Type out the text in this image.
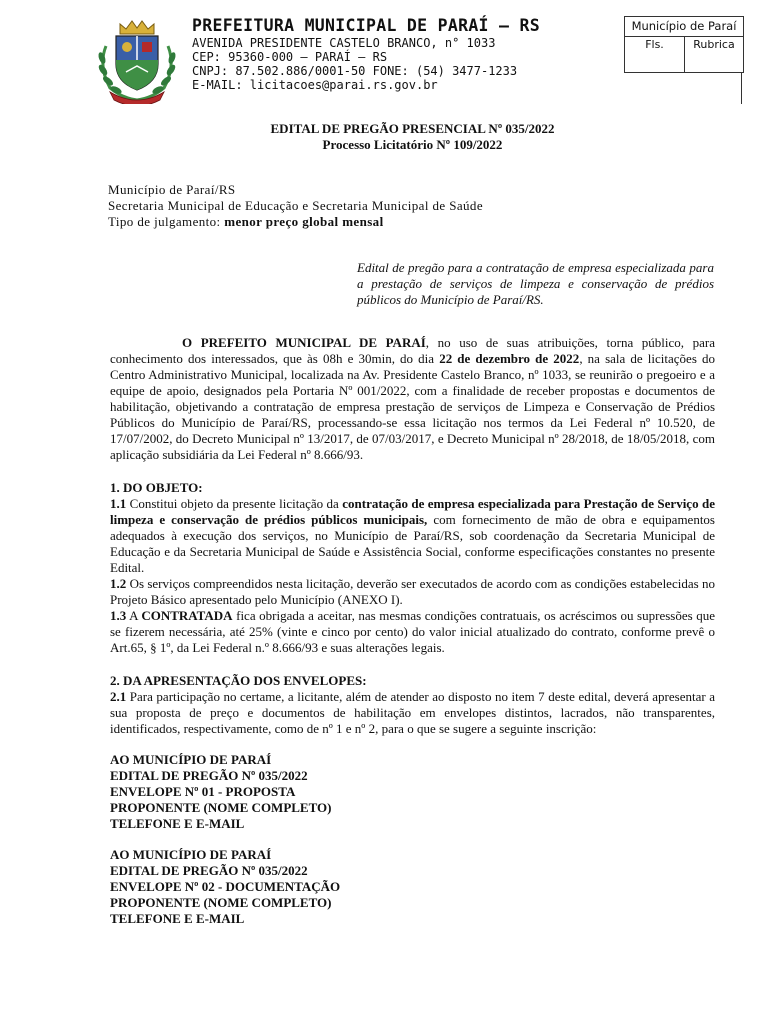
PREFEITURA MUNICIPAL DE PARAÍ – RS
AVENIDA PRESIDENTE CASTELO BRANCO, n° 1033
CEP: 95360-000 – PARAÍ – RS
CNPJ: 87.502.886/0001-50 FONE: (54) 3477-1233
E-MAIL: licitacoes@parai.rs.gov.br
Município de Paraí
Fls.	Rubrica
EDITAL DE PREGÃO PRESENCIAL Nº 035/2022
Processo Licitatório Nº 109/2022
Município de Paraí/RS
Secretaria Municipal de Educação e Secretaria Municipal de Saúde
Tipo de julgamento: menor preço global mensal
Edital de pregão para a contratação de empresa especializada para a prestação de serviços de limpeza e conservação de prédios públicos do Município de Paraí/RS.

O PREFEITO MUNICIPAL DE PARAÍ, no uso de suas atribuições, torna público, para conhecimento dos interessados, que às 08h e 30min, do dia 22 de dezembro de 2022, na sala de licitações do Centro Administrativo Municipal, localizada na Av. Presidente Castelo Branco, nº 1033, se reunirão o pregoeiro e a equipe de apoio, designados pela Portaria Nº 001/2022, com a finalidade de receber propostas e documentos de habilitação, objetivando a contratação de empresa prestação de serviços de Limpeza e Conservação de Prédios Públicos do Município de Paraí/RS, processando-se essa licitação nos termos da Lei Federal nº 10.520, de 17/07/2002, do Decreto Municipal nº 13/2017, de 07/03/2017, e Decreto Municipal nº 28/2018, de 18/05/2018, com aplicação subsidiária da Lei Federal nº 8.666/93.

1. DO OBJETO:

1.1 Constitui objeto da presente licitação da contratação de empresa especializada para Prestação de Serviço de limpeza e conservação de prédios públicos municipais, com fornecimento de mão de obra e equipamentos adequados à execução dos serviços, no Município de Paraí/RS, sob coordenação da Secretaria Municipal de Educação e da Secretaria Municipal de Saúde e Assistência Social, conforme especificações constantes no presente Edital.

1.2 Os serviços compreendidos nesta licitação, deverão ser executados de acordo com as condições estabelecidas no Projeto Básico apresentado pelo Município (ANEXO I).

1.3 A CONTRATADA fica obrigada a aceitar, nas mesmas condições contratuais, os acréscimos ou supressões que se fizerem necessária, até 25% (vinte e cinco por cento) do valor inicial atualizado do contrato, conforme prevê o Art.65, § 1º, da Lei Federal n.º 8.666/93 e suas alterações legais.

2. DA APRESENTAÇÃO DOS ENVELOPES:

2.1 Para participação no certame, a licitante, além de atender ao disposto no item 7 deste edital, deverá apresentar a sua proposta de preço e documentos de habilitação em envelopes distintos, lacrados, não transparentes, identificados, respectivamente, como de nº 1 e nº 2, para o que se sugere a seguinte inscrição:

AO MUNICÍPIO DE PARAÍ
EDITAL DE PREGÃO Nº 035/2022
ENVELOPE Nº 01 - PROPOSTA
PROPONENTE (NOME COMPLETO)
TELEFONE E E-MAIL
AO MUNICÍPIO DE PARAÍ
EDITAL DE PREGÃO Nº 035/2022
ENVELOPE Nº 02 - DOCUMENTAÇÃO
PROPONENTE (NOME COMPLETO)
TELEFONE E E-MAIL
